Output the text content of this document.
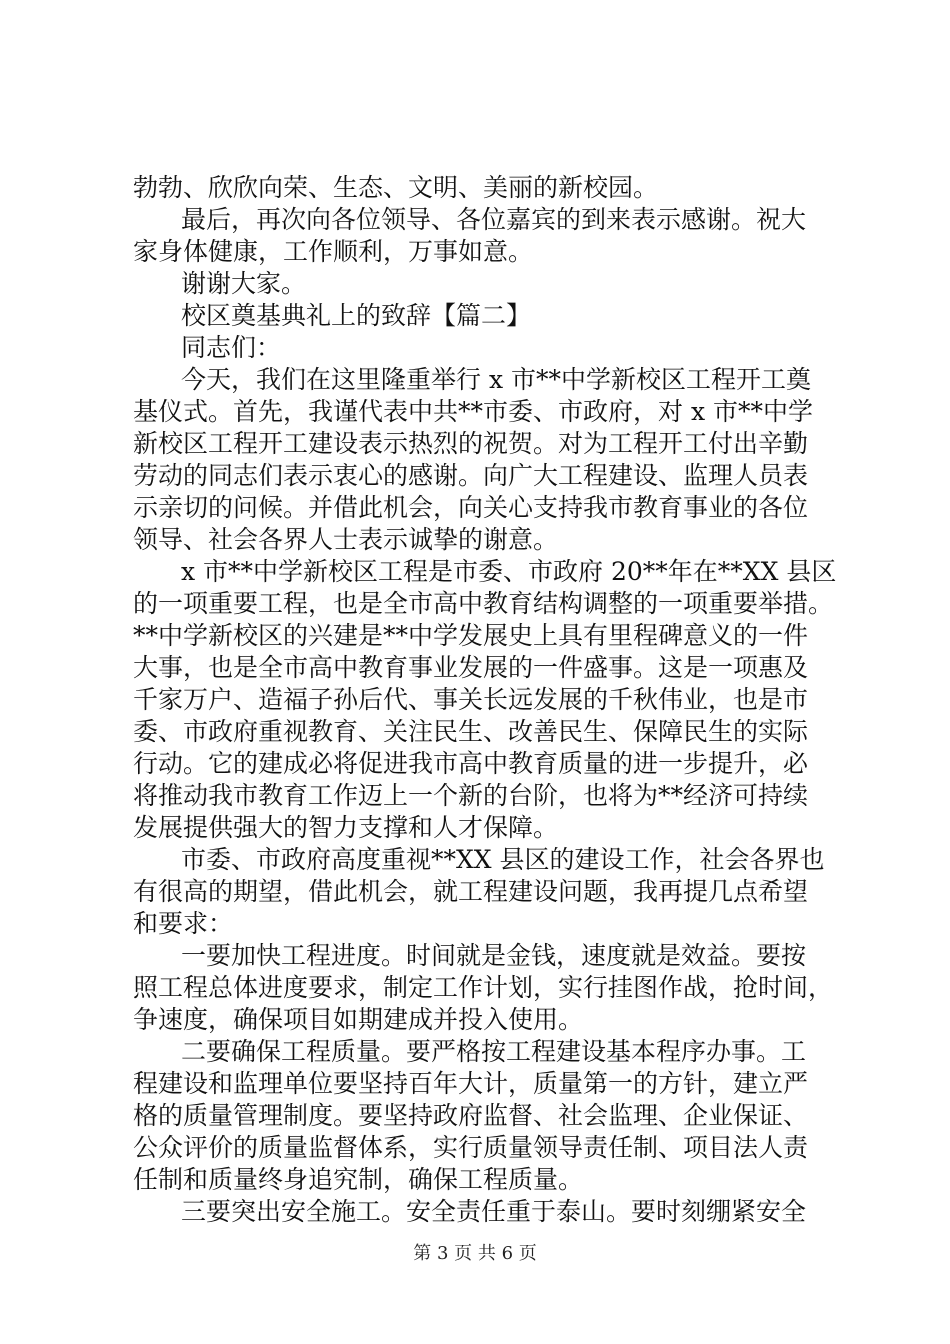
勃勃、欣欣向荣、生态、文明、美丽的新校园。
最后，再次向各位领导、各位嘉宾的到来表示感谢。祝大
家身体健康，工作顺利，万事如意。
谢谢大家。
校区奠基典礼上的致辞【篇二】
同志们：
今天，我们在这里隆重举行 x 市**中学新校区工程开工奠
基仪式。首先，我谨代表中共**市委、市政府，对 x 市**中学
新校区工程开工建设表示热烈的祝贺。对为工程开工付出辛勤
劳动的同志们表示衷心的感谢。向广大工程建设、监理人员表
示亲切的问候。并借此机会，向关心支持我市教育事业的各位
领导、社会各界人士表示诚挚的谢意。
x 市**中学新校区工程是市委、市政府 20**年在**XX 县区
的一项重要工程，也是全市高中教育结构调整的一项重要举措。
**中学新校区的兴建是**中学发展史上具有里程碑意义的一件
大事，也是全市高中教育事业发展的一件盛事。这是一项惠及
千家万户、造福子孙后代、事关长远发展的千秋伟业，也是市
委、市政府重视教育、关注民生、改善民生、保障民生的实际
行动。它的建成必将促进我市高中教育质量的进一步提升，必
将推动我市教育工作迈上一个新的台阶，也将为**经济可持续
发展提供强大的智力支撑和人才保障。
市委、市政府高度重视**XX 县区的建设工作，社会各界也
有很高的期望，借此机会，就工程建设问题，我再提几点希望
和要求：
一要加快工程进度。时间就是金钱，速度就是效益。要按
照工程总体进度要求，制定工作计划，实行挂图作战，抢时间，
争速度，确保项目如期建成并投入使用。
二要确保工程质量。要严格按工程建设基本程序办事。工
程建设和监理单位要坚持百年大计，质量第一的方针，建立严
格的质量管理制度。要坚持政府监督、社会监理、企业保证、
公众评价的质量监督体系，实行质量领导责任制、项目法人责
任制和质量终身追究制，确保工程质量。
三要突出安全施工。安全责任重于泰山。要时刻绷紧安全
第 3 页 共 6 页
